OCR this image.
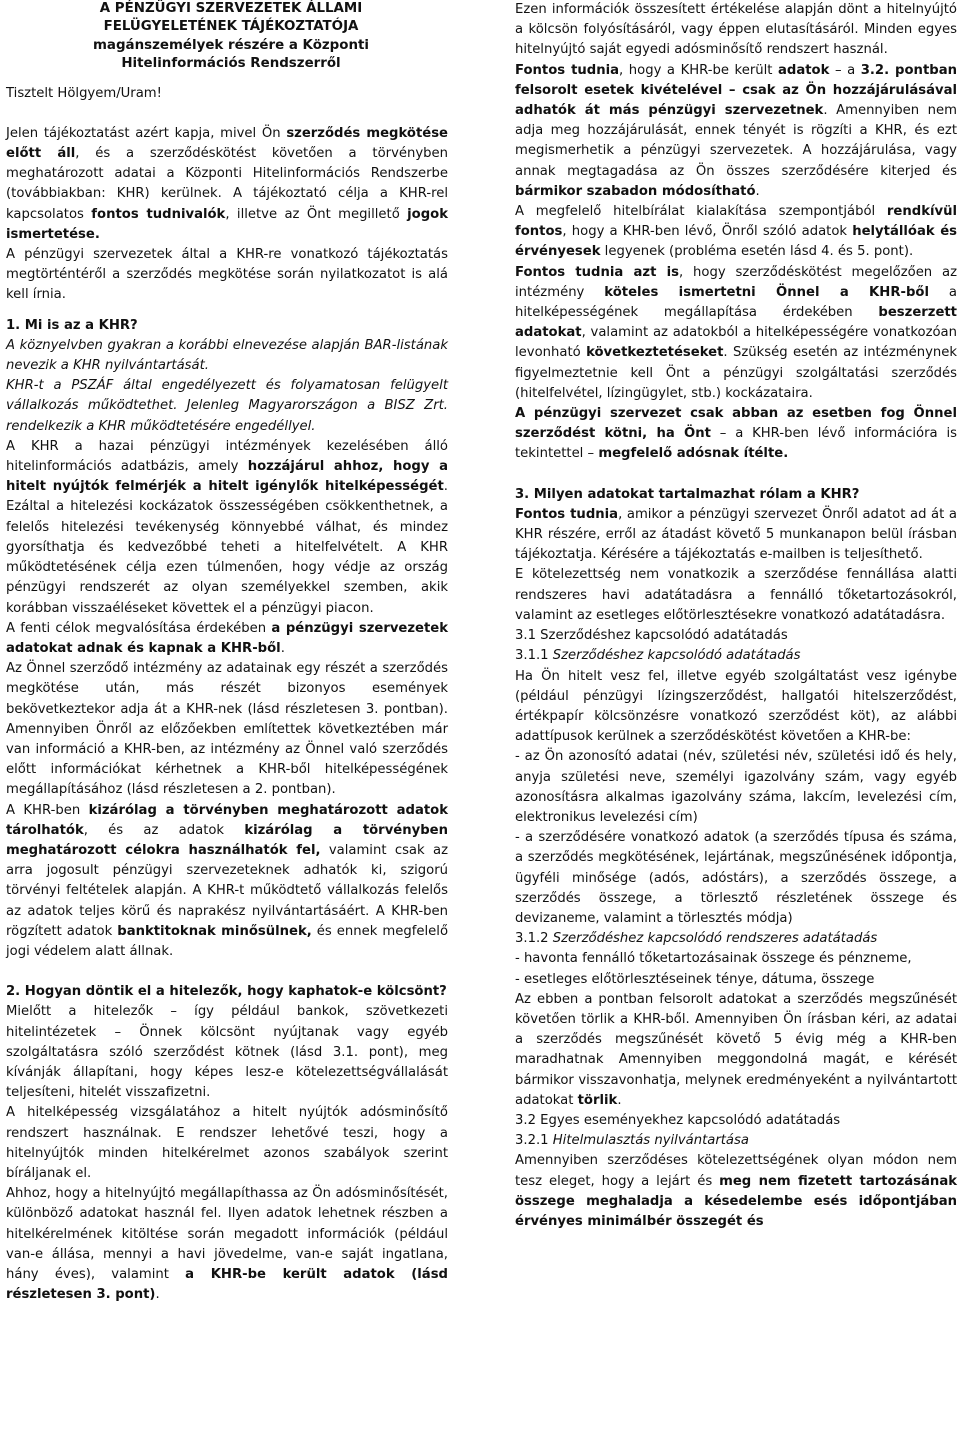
A PÉNZÜGYI SZERVEZETEK ÁLLAMI
FELÜGYELETÉNEK TÁJÉKOZTATÓJA
magánszemélyek részére a Központi
Hitelinformációs Rendszerről

Tisztelt Hölgyem/Uram!

Jelen tájékoztatást azért kapja, mivel Ön szerződés megkötése előtt áll, és a szerződéskötést követően a törvényben meghatározott adatai a Központi Hitelinformációs Rendszerbe (továbbiakban: KHR) kerülnek. A tájékoztató célja a KHR-rel kapcsolatos fontos tudnivalók, illetve az Önt megillető jogok ismertetése.

A pénzügyi szervezetek által a KHR-re vonatkozó tájékoztatás megtörténtéről a szerződés megkötése során nyilatkozatot is alá kell írnia.

1. Mi is az a KHR?

A köznyelvben gyakran a korábbi elnevezése alapján BAR-listának nevezik a KHR nyilvántartását.

KHR-t a PSZÁF által engedélyezett és folyamatosan felügyelt vállalkozás működtethet. Jelenleg Magyarországon a BISZ Zrt. rendelkezik a KHR működtetésére engedéllyel.

A KHR a hazai pénzügyi intézmények kezelésében álló hitelinformációs adatbázis, amely hozzájárul ahhoz, hogy a hitelt nyújtók felmérjék a hitelt igénylők hitelképességét. Ezáltal a hitelezési kockázatok összességében csökkenthetnek, a felelős hitelezési tevékenység könnyebbé válhat, és mindez gyorsíthatja és kedvezőbbé teheti a hitelfelvételt. A KHR működtetésének célja ezen túlmenően, hogy védje az ország pénzügyi rendszerét az olyan személyekkel szemben, akik korábban visszaéléseket követtek el a pénzügyi piacon.

A fenti célok megvalósítása érdekében a pénzügyi szervezetek adatokat adnak és kapnak a KHR-ből.

Az Önnel szerződő intézmény az adatainak egy részét a szerződés megkötése után, más részét bizonyos események bekövetkeztekor adja át a KHR-nek (lásd részletesen 3. pontban). Amennyiben Önről az előzőekben említettek következtében már van információ a KHR-ben, az intézmény az Önnel való szerződés előtt információkat kérhetnek a KHR-ből hitelképességének megállapításához (lásd részletesen a 2. pontban).

A KHR-ben kizárólag a törvényben meghatározott adatok tárolhatók, és az adatok kizárólag a törvényben meghatározott célokra használhatók fel, valamint csak az arra jogosult pénzügyi szervezeteknek adhatók ki, szigorú törvényi feltételek alapján. A KHR-t működtető vállalkozás felelős az adatok teljes körű és naprakész nyilvántartásáért. A KHR-ben rögzített adatok banktitoknak minősülnek, és ennek megfelelő jogi védelem alatt állnak.

2. Hogyan döntik el a hitelezők, hogy kaphatok-e kölcsönt?

Mielőtt a hitelezők – így például bankok, szövetkezeti hitelintézetek – Önnek kölcsönt nyújtanak vagy egyéb szolgáltatásra szóló szerződést kötnek (lásd 3.1. pont), meg kívánják állapítani, hogy képes lesz-e kötelezettségvállalását teljesíteni, hitelét visszafizetni.

A hitelképesség vizsgálatához a hitelt nyújtók adósminősítő rendszert használnak. E rendszer lehetővé teszi, hogy a hitelnyújtók minden hitelkérelmet azonos szabályok szerint bíráljanak el.

Ahhoz, hogy a hitelnyújtó megállapíthassa az Ön adósminősítését, különböző adatokat használ fel. Ilyen adatok lehetnek részben a hitelkérelmének kitöltése során megadott információk (például van-e állása, mennyi a havi jövedelme, van-e saját ingatlana, hány éves), valamint a KHR-be került adatok (lásd részletesen 3. pont).

Ezen információk összesített értékelése alapján dönt a hitelnyújtó a kölcsön folyósításáról, vagy éppen elutasításáról. Minden egyes hitelnyújtó saját egyedi adósminősítő rendszert használ.

Fontos tudnia, hogy a KHR-be került adatok – a 3.2. pontban felsorolt esetek kivételével – csak az Ön hozzájárulásával adhatók át más pénzügyi szervezetnek. Amennyiben nem adja meg hozzájárulását, ennek tényét is rögzíti a KHR, és ezt megismerhetik a pénzügyi szervezetek. A hozzájárulása, vagy annak megtagadása az Ön összes szerződésére kiterjed és bármikor szabadon módosítható.

A megfelelő hitelbírálat kialakítása szempontjából rendkívül fontos, hogy a KHR-ben lévő, Önről szóló adatok helytállóak és érvényesek legyenek (probléma esetén lásd 4. és 5. pont).

Fontos tudnia azt is, hogy szerződéskötést megelőzően az intézmény köteles ismertetni Önnel a KHR-ből a hitelképességének megállapítása érdekében beszerzett adatokat, valamint az adatokból a hitelképességére vonatkozóan levonható következtetéseket. Szükség esetén az intézménynek figyelmeztetnie kell Önt a pénzügyi szolgáltatási szerződés (hitelfelvétel, lízingügylet, stb.) kockázataira.

A pénzügyi szervezet csak abban az esetben fog Önnel szerződést kötni, ha Önt – a KHR-ben lévő információra is tekintettel – megfelelő adósnak ítélte.

3. Milyen adatokat tartalmazhat rólam a KHR?

Fontos tudnia, amikor a pénzügyi szervezet Önről adatot ad át a KHR részére, erről az átadást követő 5 munkanapon belül írásban tájékoztatja. Kérésére a tájékoztatás e-mailben is teljesíthető.

E kötelezettség nem vonatkozik a szerződése fennállása alatti rendszeres havi adatátadásra a fennálló tőketartozásokról, valamint az esetleges előtörlesztésekre vonatkozó adatátadásra.

3.1 Szerződéshez kapcsolódó adatátadás

3.1.1 Szerződéshez kapcsolódó adatátadás

Ha Ön hitelt vesz fel, illetve egyéb szolgáltatást vesz igénybe (például pénzügyi lízingszerződést, hallgatói hitelszerződést, értékpapír kölcsönzésre vonatkozó szerződést köt), az alábbi adattípusok kerülnek a szerződéskötést követően a KHR-be:

- az Ön azonosító adatai (név, születési név, születési idő és hely, anyja születési neve, személyi igazolvány szám, vagy egyéb azonosításra alkalmas igazolvány száma, lakcím, levelezési cím, elektronikus levelezési cím)

- a szerződésére vonatkozó adatok (a szerződés típusa és száma, a szerződés megkötésének, lejártának, megszűnésének időpontja, ügyféli minősége (adós, adóstárs), a szerződés összege, a szerződés összege, a törlesztő részletének összege és devizaneme, valamint a törlesztés módja)

3.1.2 Szerződéshez kapcsolódó rendszeres adatátadás

- havonta fennálló tőketartozásainak összege és pénzneme,

- esetleges előtörlesztéseinek ténye, dátuma, összege

Az ebben a pontban felsorolt adatokat a szerződés megszűnését követően törlik a KHR-ből. Amennyiben Ön írásban kéri, az adatai a szerződés megszűnését követő 5 évig még a KHR-ben maradhatnak Amennyiben meggondolná magát, e kérését bármikor visszavonhatja, melynek eredményeként a nyilvántartott adatokat törlik.

3.2 Egyes eseményekhez kapcsolódó adatátadás

3.2.1 Hitelmulasztás nyilvántartása

Amennyiben szerződéses kötelezettségének olyan módon nem tesz eleget, hogy a lejárt és meg nem fizetett tartozásának összege meghaladja a késedelembe esés időpontjában érvényes minimálbér összegét és
